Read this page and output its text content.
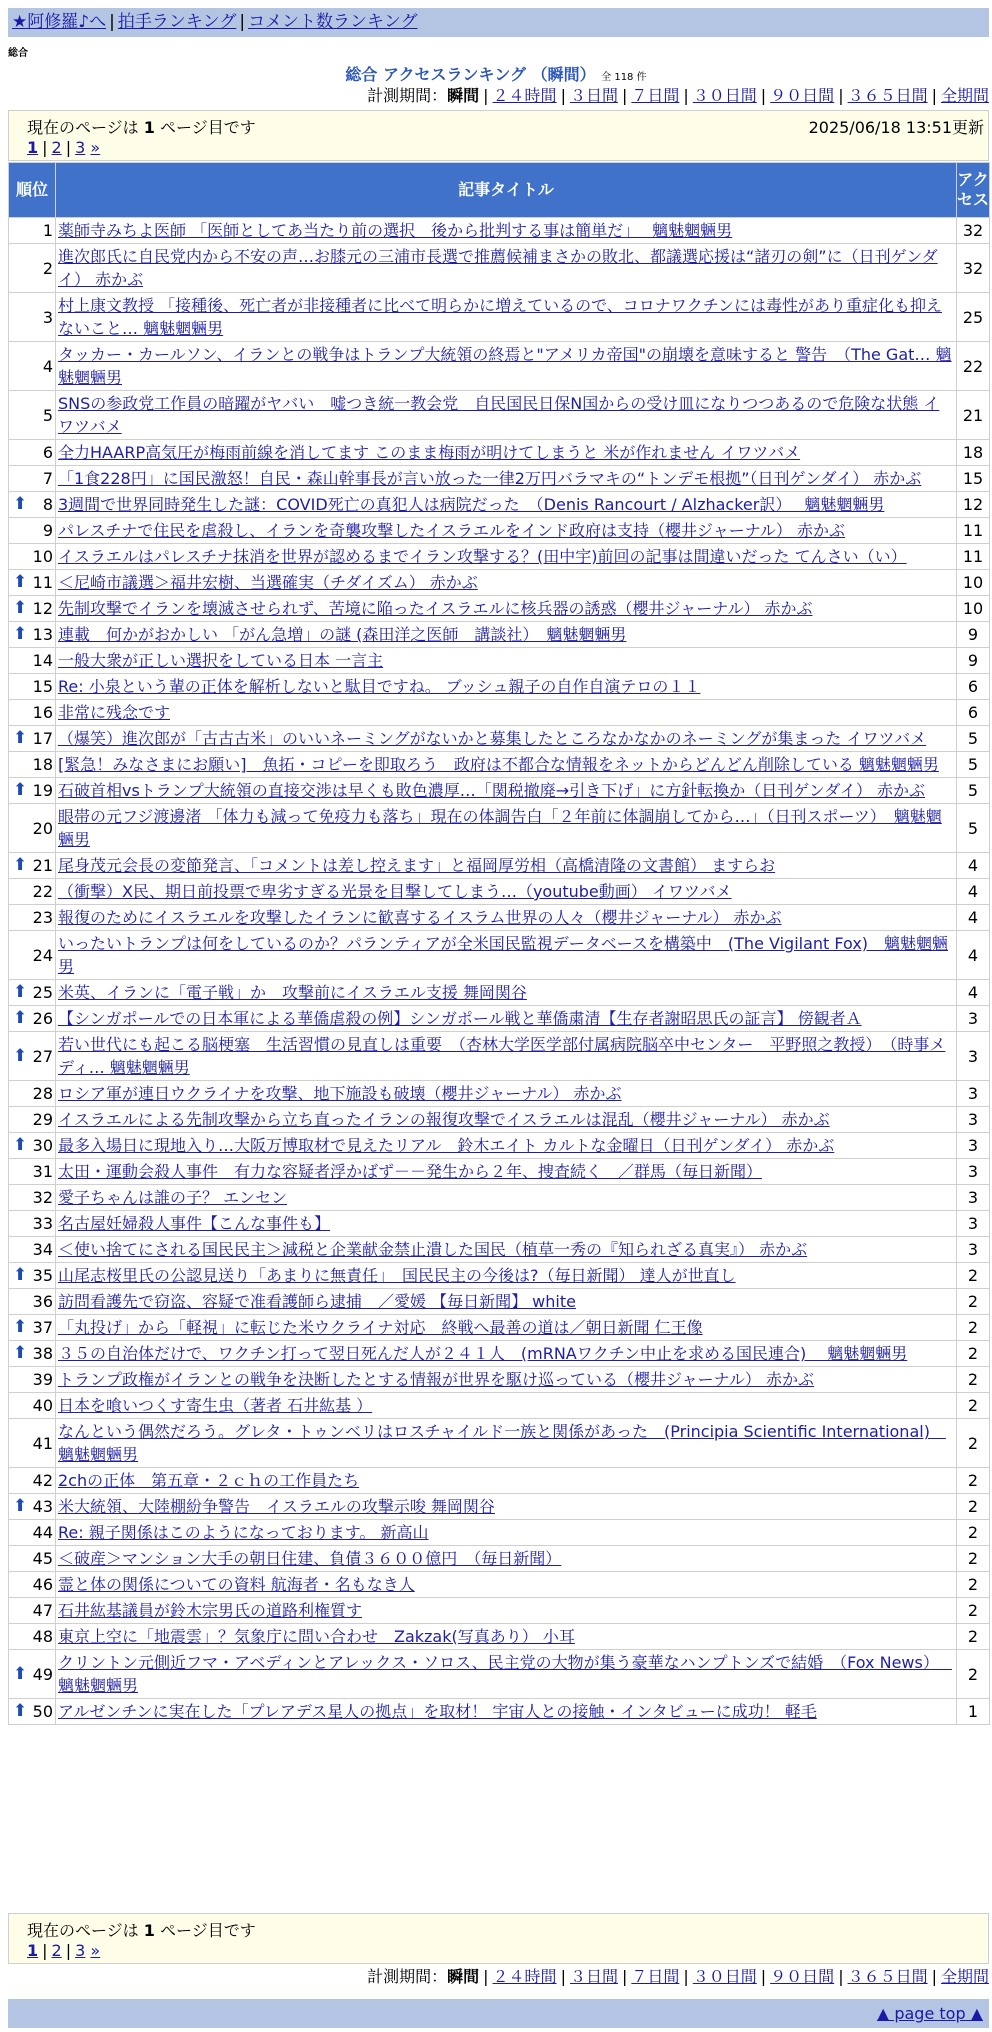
★阿修羅♪へ | 拍手ランキング | コメント数ランキング
総合
総合 アクセスランキング （瞬間） 全 118 件
計測期間：瞬間 | ２４時間 | ３日間 | ７日間 | ３０日間 | ９０日間 | ３６５日間 | 全期間
現在のページは 1 ページ目です	2025/06/18 13:51更新
1 | 2 | 3 »
順位	記事タイトル	アクセス
1	薬師寺みちよ医師 「医師としてあ当たり前の選択　後から批判する事は簡単だ」　 魑魅魍魎男	32
2	進次郎氏に自民党内から不安の声…お膝元の三浦市長選で推薦候補まさかの敗北、都議選応援は“諸刃の剣”に（日刊ゲンダイ） 赤かぶ	32
3	村上康文教授 「接種後、死亡者が非接種者に比べて明らかに増えているので、コロナワクチンには毒性があり重症化も抑えないこと… 魑魅魍魎男	25
4	タッカー・カールソン、イランとの戦争はトランプ大統領の終焉と"アメリカ帝国"の崩壊を意味すると 警告　（The Gat… 魑魅魍魎男	22
5	SNSの参政党工作員の暗躍がヤバい　嘘つき統一教会党　自民国民日保N国からの受け皿になりつつあるので危険な状態 イワツバメ	21
6	全力HAARP高気圧が梅雨前線を消してます このまま梅雨が明けてしまうと 米が作れません イワツバメ	18
7	「1食228円」に国民激怒！自民・森山幹事長が言い放った一律2万円バラマキの“トンデモ根拠”（日刊ゲンダイ） 赤かぶ	15

⬆ 8	3週間で世界同時発生した謎：COVID死亡の真犯人は病院だった　（Denis Rancourt / Alzhacker訳）　 魑魅魍魎男	12
9	パレスチナで住民を虐殺し、イランを奇襲攻撃したイスラエルをインド政府は支持（櫻井ジャーナル） 赤かぶ	11
10	イスラエルはパレスチナ抹消を世界が認めるまでイラン攻撃する？(田中宇)前回の記事は間違いだった てんさい（い）	11

⬆ 11	＜尼崎市議選＞福井宏樹、当選確実（チダイズム） 赤かぶ	10

⬆ 12	先制攻撃でイランを壊滅させられず、苦境に陥ったイスラエルに核兵器の誘惑（櫻井ジャーナル） 赤かぶ	10

⬆ 13	連載　何かがおかしい 「がん急増」の謎 (森田洋之医師　講談社）　魑魅魍魎男	9
14	一般大衆が正しい選択をしている日本 一言主	9
15	Re: 小泉という輩の正体を解析しないと駄目ですね。 ブッシュ親子の自作自演テロの１１	6
16	非常に残念です	6

⬆ 17	（爆笑）進次郎が「古古古米」のいいネーミングがないかと募集したところなかなかのネーミングが集まった イワツバメ	5
18	[緊急！みなさまにお願い]　魚拓・コピーを即取ろう　政府は不都合な情報をネットからどんどん削除している 魑魅魍魎男	5

⬆ 19	石破首相vsトランプ大統領の直接交渉は早くも敗色濃厚…「関税撤廃→引き下げ」に方針転換か（日刊ゲンダイ） 赤かぶ	5
20	眼帯の元フジ渡邊渚 「体力も減って免疫力も落ち」現在の体調告白「２年前に体調崩してから…」（日刊スポーツ）　魑魅魍魎男	5

⬆ 21	尾身茂元会長の変節発言、「コメントは差し控えます」と福岡厚労相（高橋清隆の文書館） ますらお	4
22	（衝撃）X民、期日前投票で卑劣すぎる光景を目撃してしまう…（youtube動画） イワツバメ	4
23	報復のためにイスラエルを攻撃したイランに歓喜するイスラム世界の人々（櫻井ジャーナル） 赤かぶ	4
24	いったいトランプは何をしているのか？パランティアが全米国民監視データベースを構築中　(The Vigilant Fox)　魑魅魍魎男	4

⬆ 25	米英、イランに「電子戦」か　攻撃前にイスラエル支援 舞岡関谷	4

⬆ 26	【シンガポールでの日本軍による華僑虐殺の例】シンガポール戦と華僑粛清【生存者謝昭思氏の証言】 傍観者Ａ	3

⬆ 27	若い世代にも起こる脳梗塞　生活習慣の見直しは重要　（杏林大学医学部付属病院脳卒中センター　平野照之教授）　（時事メディ… 魑魅魍魎男	3
28	ロシア軍が連日ウクライナを攻撃、地下施設も破壊（櫻井ジャーナル） 赤かぶ	3
29	イスラエルによる先制攻撃から立ち直ったイランの報復攻撃でイスラエルは混乱（櫻井ジャーナル） 赤かぶ	3

⬆ 30	最多入場日に現地入り…大阪万博取材で見えたリアル　鈴木エイト カルトな金曜日（日刊ゲンダイ） 赤かぶ	3
31	太田・運動会殺人事件　有力な容疑者浮かばず－－発生から２年、捜査続く　／群馬（毎日新聞）	3
32	愛子ちゃんは誰の子？ エンセン	3
33	名古屋妊婦殺人事件【こんな事件も】	3
34	＜使い捨てにされる国民民主＞減税と企業献金禁止潰した国民（植草一秀の『知られざる真実』） 赤かぶ	3

⬆ 35	山尾志桜里氏の公認見送り「あまりに無責任」　国民民主の今後は?（毎日新聞） 達人が世直し	2
36	訪問看護先で窃盗、容疑で准看護師ら逮捕　／愛媛 【毎日新聞】 white	2

⬆ 37	「丸投げ」から「軽視」に転じた米ウクライナ対応　終戦へ最善の道は／朝日新聞 仁王像	2

⬆ 38	３５の自治体だけで、ワクチン打って翌日死んだ人が２４１人　(mRNAワクチン中止を求める国民連合)　 魑魅魍魎男	2
39	トランプ政権がイランとの戦争を決断したとする情報が世界を駆け巡っている（櫻井ジャーナル） 赤かぶ	2
40	日本を喰いつくす寄生虫（著者 石井紘基 ）	2
41	なんという偶然だろう。グレタ・トゥンベリはロスチャイルド一族と関係があった　(Principia Scientific International)　魑魅魍魎男	2
42	2chの正体　第五章・２ｃｈの工作員たち	2

⬆ 43	米大統領、大陸棚紛争警告　イスラエルの攻撃示唆 舞岡関谷	2
44	Re: 親子関係はこのようになっております。 新高山	2
45	＜破産＞マンション大手の朝日住建、負債３６００億円　（毎日新聞）	2
46	霊と体の関係についての資料 航海者・名もなき人	2
47	石井紘基議員が鈴木宗男氏の道路利権質す	2
48	東京上空に「地震雲」？気象庁に問い合わせ　Zakzak(写真あり） 小耳	2

⬆ 49	クリントン元側近フマ・アベディンとアレックス・ソロス、民主党の大物が集う豪華なハンプトンズで結婚　（Fox News）　 魑魅魍魎男	2

⬆ 50	アルゼンチンに実在した「プレアデス星人の拠点」を取材！ 宇宙人との接触・インタビューに成功！ 軽毛	1
現在のページは 1 ページ目です
1 | 2 | 3 »
計測期間：瞬間 | ２４時間 | ３日間 | ７日間 | ３０日間 | ９０日間 | ３６５日間 | 全期間
▲ page top ▲
